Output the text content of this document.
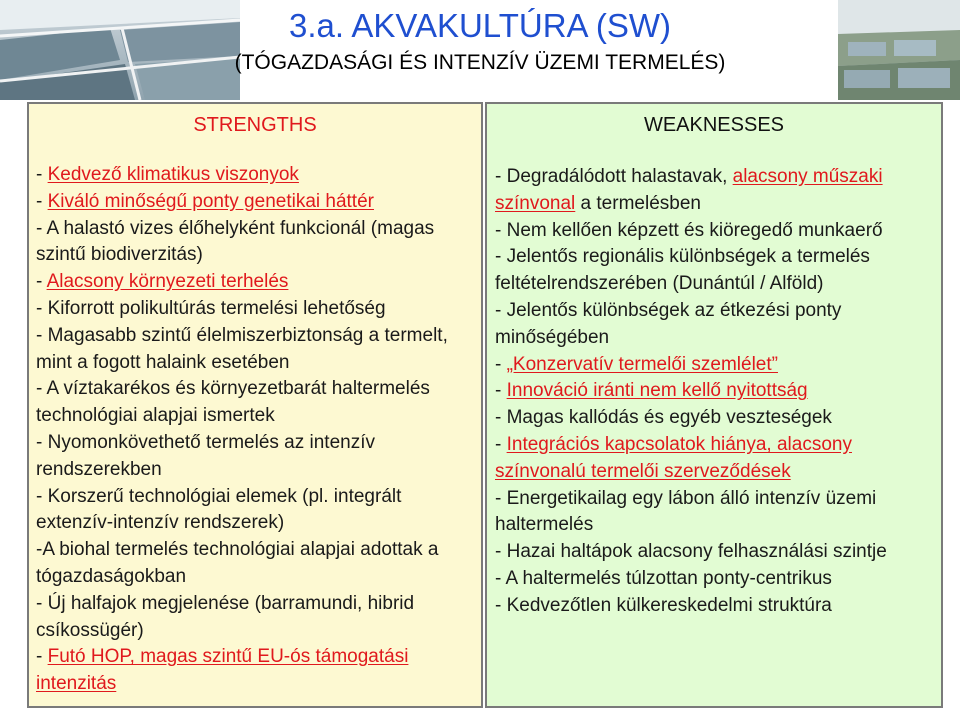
3.a. AKVAKULTÚRA (SW)
(TÓGAZDASÁGI ÉS INTENZÍV ÜZEMI TERMELÉS)
STRENGTHS
- Kedvező klimatikus viszonyok
- Kiváló minőségű ponty genetikai háttér
- A halastó vizes élőhelyként funkcionál (magas szintű biodiverzitás)
- Alacsony környezeti terhelés
- Kiforrott polikultúrás termelési lehetőség
- Magasabb szintű élelmiszerbiztonság a termelt, mint a fogott halaink esetében
- A víztakarékos és környezetbarát haltermelés technológiai alapjai ismertek
- Nyomonkövethető termelés az intenzív rendszerekben
- Korszerű technológiai elemek (pl. integrált extenzív-intenzív rendszerek)
-A biohal termelés technológiai alapjai adottak a tógazdaságokban
- Új halfajok megjelenése (barramundi, hibrid csíkossügér)
- Futó HOP, magas szintű EU-ós támogatási intenzitás
WEAKNESSES
- Degradálódott halastavak, alacsony műszaki színvonal a termelésben
- Nem kellően képzett és kiöregedő munkaerő
- Jelentős regionális különbségek a termelés feltételrendszerében (Dunántúl / Alföld)
- Jelentős különbségek az étkezési ponty minőségében
- „Konzervatív termelői szemlélet”
- Innováció iránti nem kellő nyitottság
- Magas kallódás és egyéb veszteségek
- Integrációs kapcsolatok hiánya, alacsony színvonalú termelői szerveződések
- Energetikailag egy lábon álló intenzív üzemi haltermelés
- Hazai haltápok alacsony felhasználási szintje
- A haltermelés túlzottan ponty-centrikus
- Kedvezőtlen külkereskedelmi struktúra
